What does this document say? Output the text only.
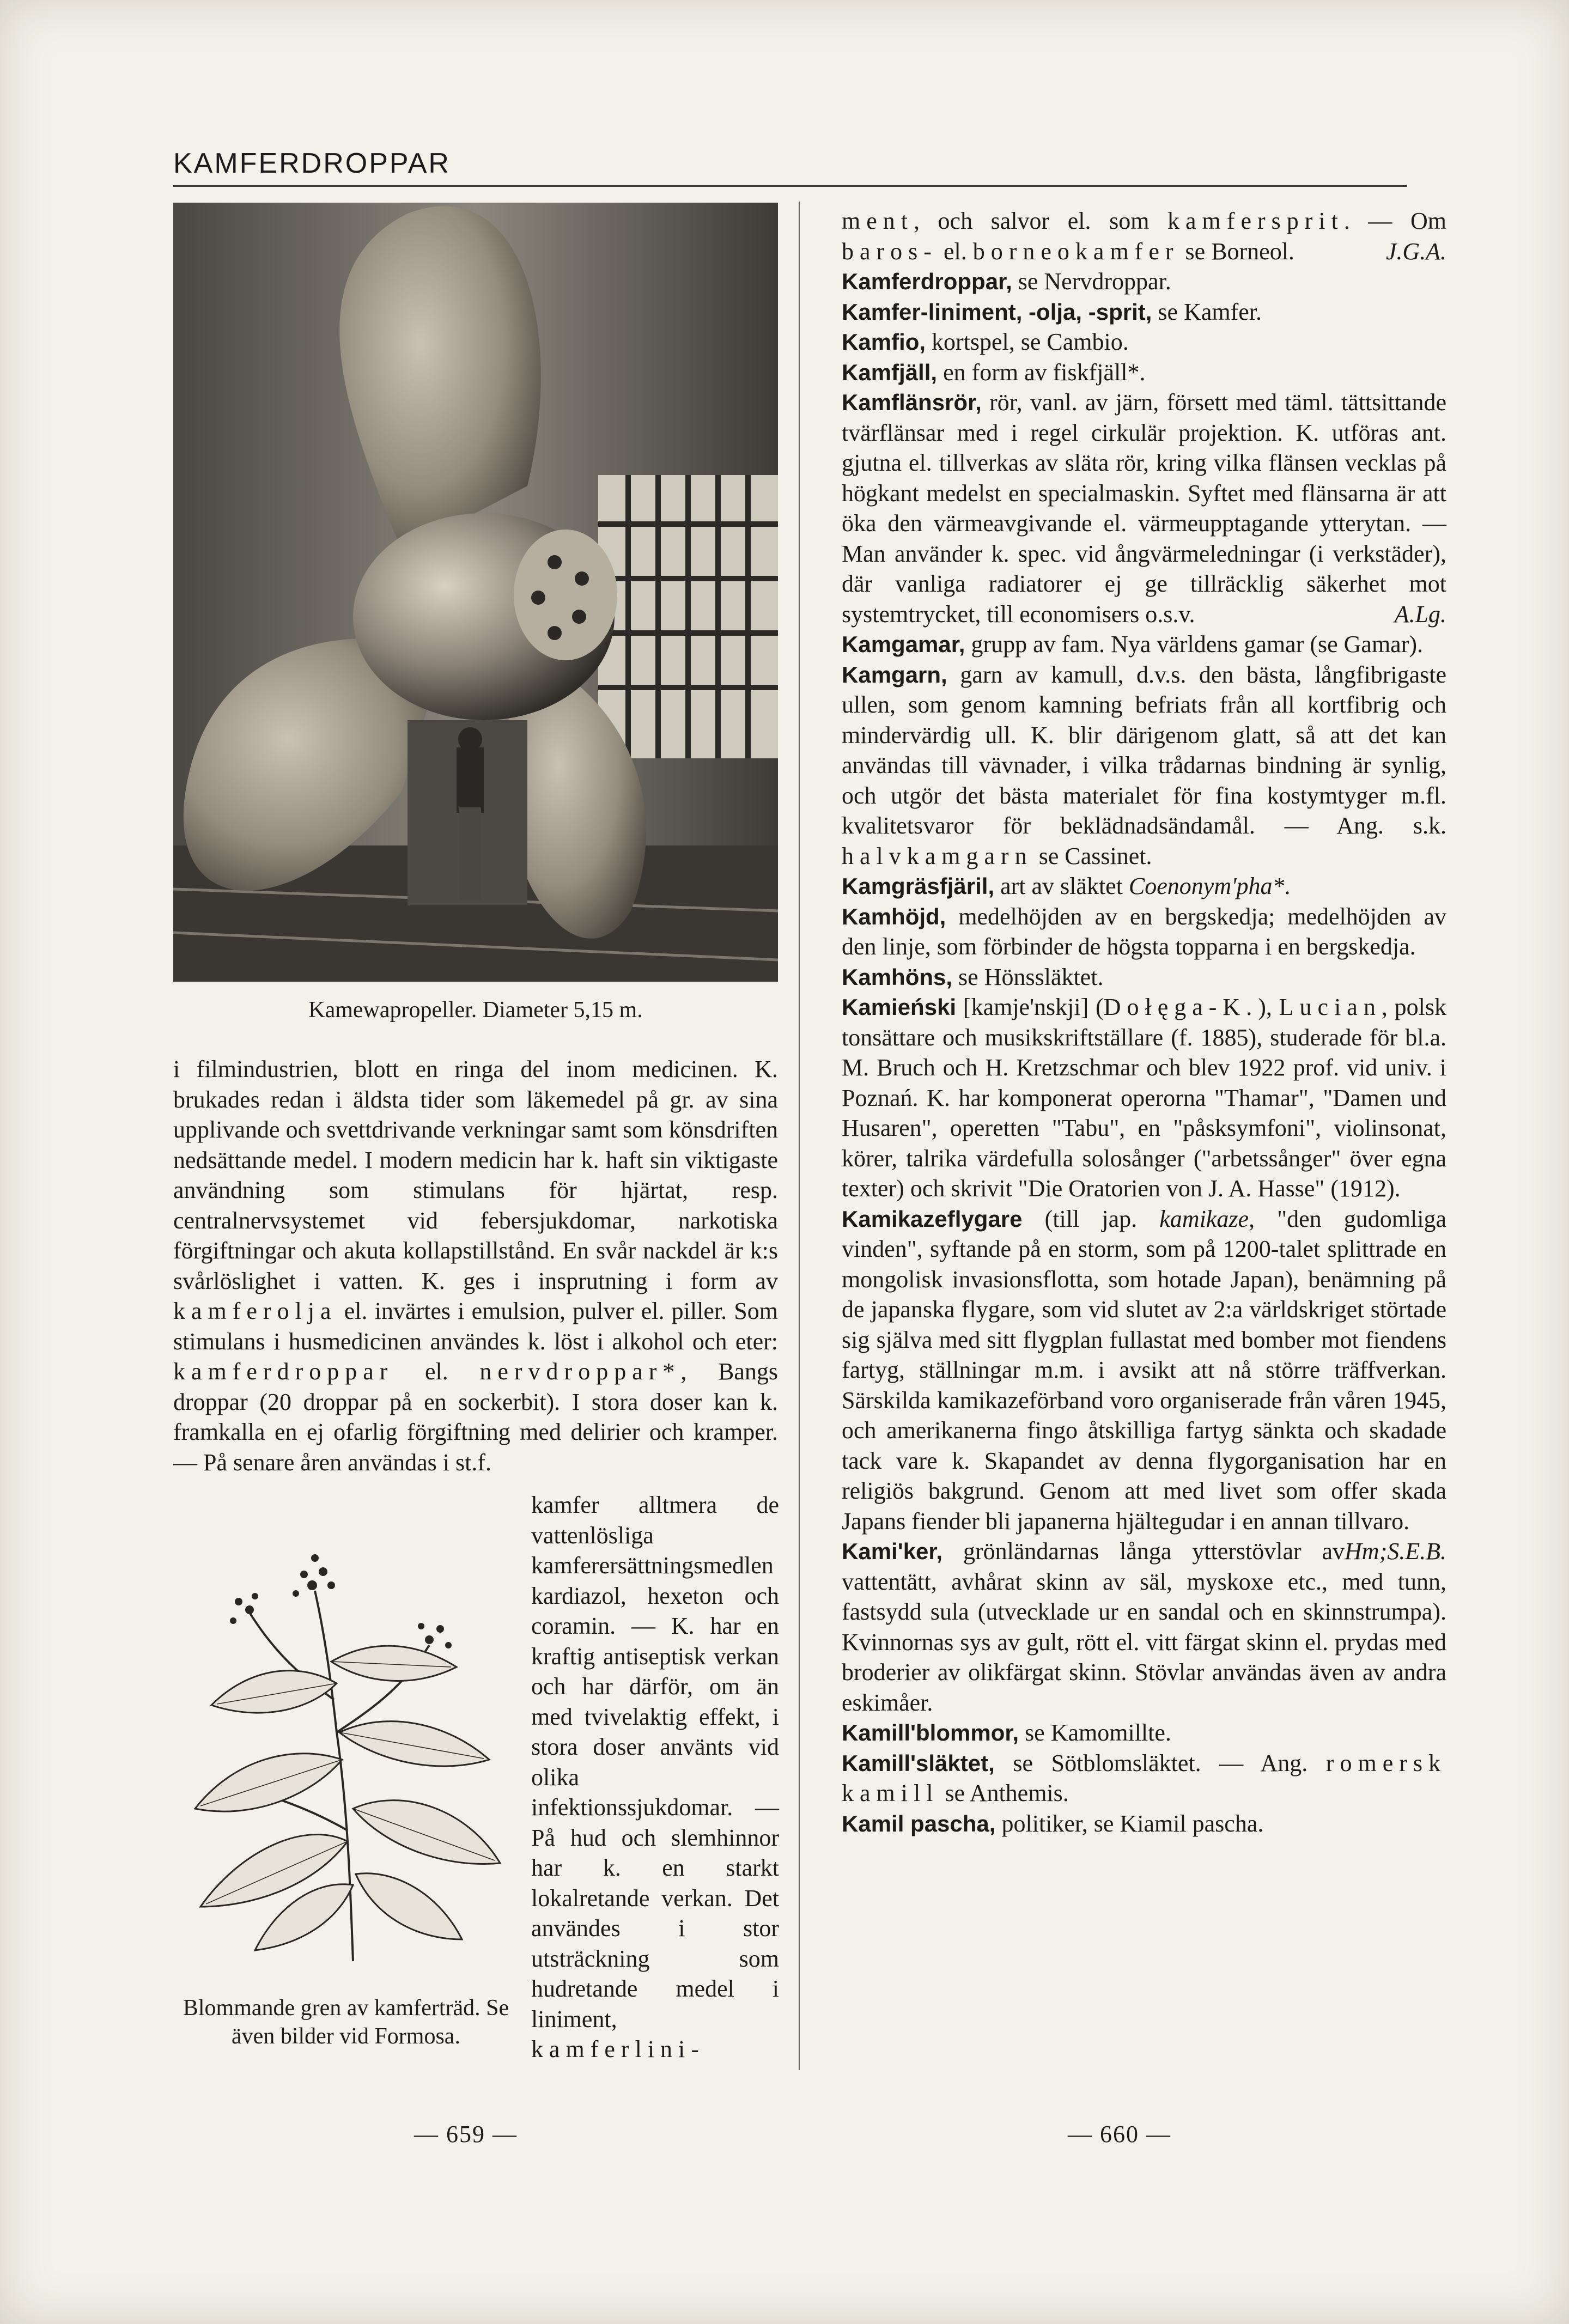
KAMFERDROPPAR
Kamewapropeller. Diameter 5,15 m.

i filmindustrien, blott en ringa del inom medicinen. K. brukades redan i äldsta tider som läkemedel på gr. av sina upplivande och svettdrivande verkningar samt som könsdriften nedsättande medel. I modern medicin har k. haft sin viktigaste användning som stimulans för hjärtat, resp. centralnervsystemet vid febersjukdomar, narkotiska förgiftningar och akuta kollapstillstånd. En svår nackdel är k:s svårlöslighet i vatten. K. ges i insprutning i form av kamferolja el. invärtes i emulsion, pulver el. piller. Som stimulans i husmedicinen användes k. löst i alkohol och eter: kamferdroppar el. nervdroppar*, Bangs droppar (20 droppar på en sockerbit). I stora doser kan k. framkalla en ej ofarlig förgiftning med delirier och kramper. — På senare åren användas i st.f.

Blommande gren av kamferträd. Se även bilder vid Formosa.

kamfer alltmera de vattenlösliga kamferersättningsmedlen kardiazol, hexeton och coramin. — K. har en kraftig antiseptisk verkan och har därför, om än med tvivelaktig effekt, i stora doser använts vid olika infektionssjukdomar. — På hud och slemhinnor har k. en starkt lokalretande verkan. Det användes i stor utsträckning som hudretande medel i liniment, kamferlini-

— 659 —

ment, och salvor el. som kamfersprit. — Om baros- el. borneokamfer se Borneol.	J.G.A.

Kamferdroppar, se Nervdroppar.

Kamfer-liniment, -olja, -sprit, se Kamfer.

Kamfio, kortspel, se Cambio.

Kamfjäll, en form av fiskfjäll*.

Kamflänsrör, rör, vanl. av järn, försett med täml. tättsittande tvärflänsar med i regel cirkulär projektion. K. utföras ant. gjutna el. tillverkas av släta rör, kring vilka flänsen vecklas på högkant medelst en specialmaskin. Syftet med flänsarna är att öka den värmeavgivande el. värmeupptagande ytterytan. — Man använder k. spec. vid ångvärmeledningar (i verkstäder), där vanliga radiatorer ej ge tillräcklig säkerhet mot systemtrycket, till economisers o.s.v.	A.Lg.

Kamgamar, grupp av fam. Nya världens gamar (se Gamar).

Kamgarn, garn av kamull, d.v.s. den bästa, långfibrigaste ullen, som genom kamning befriats från all kortfibrig och mindervärdig ull. K. blir därigenom glatt, så att det kan användas till vävnader, i vilka trådarnas bindning är synlig, och utgör det bästa materialet för fina kostymtyger m.fl. kvalitetsvaror för beklädnadsändamål. — Ang. s.k. halvkamgarn se Cassinet.

Kamgräsfjäril, art av släktet Coenonym'pha*.

Kamhöjd, medelhöjden av en bergskedja; medelhöjden av den linje, som förbinder de högsta topparna i en bergskedja.

Kamhöns, se Hönssläktet.

Kamieński [kamje'nskji] (Dołęga-K.), Lucian, polsk tonsättare och musikskriftställare (f. 1885), studerade för bl.a. M. Bruch och H. Kretzschmar och blev 1922 prof. vid univ. i Poznań. K. har komponerat operorna "Thamar", "Damen und Husaren", operetten "Tabu", en "påsksymfoni", violinsonat, körer, talrika värdefulla solosånger ("arbetssånger" över egna texter) och skrivit "Die Oratorien von J. A. Hasse" (1912).

Kamikazeflygare (till jap. kamikaze, "den gudomliga vinden", syftande på en storm, som på 1200-talet splittrade en mongolisk invasionsflotta, som hotade Japan), benämning på de japanska flygare, som vid slutet av 2:a världskriget störtade sig själva med sitt flygplan fullastat med bomber mot fiendens fartyg, ställningar m.m. i avsikt att nå större träffverkan. Särskilda kamikazeförband voro organiserade från våren 1945, och amerikanerna fingo åtskilliga fartyg sänkta och skadade tack vare k. Skapandet av denna flygorganisation har en religiös bakgrund. Genom att med livet som offer skada Japans fiender bli japanerna hjältegudar i en annan tillvaro.
Hm;S.E.B.

Kami'ker, grönländarnas långa ytterstövlar av vattentätt, avhårat skinn av säl, myskoxe etc., med tunn, fastsydd sula (utvecklade ur en sandal och en skinnstrumpa). Kvinnornas sys av gult, rött el. vitt färgat skinn el. prydas med broderier av olikfärgat skinn. Stövlar användas även av andra eskimåer.

Kamill'blommor, se Kamomillte.

Kamill'släktet, se Sötblomsläktet. — Ang. romersk kamill se Anthemis.

Kamil pascha, politiker, se Kiamil pascha.

— 660 —
